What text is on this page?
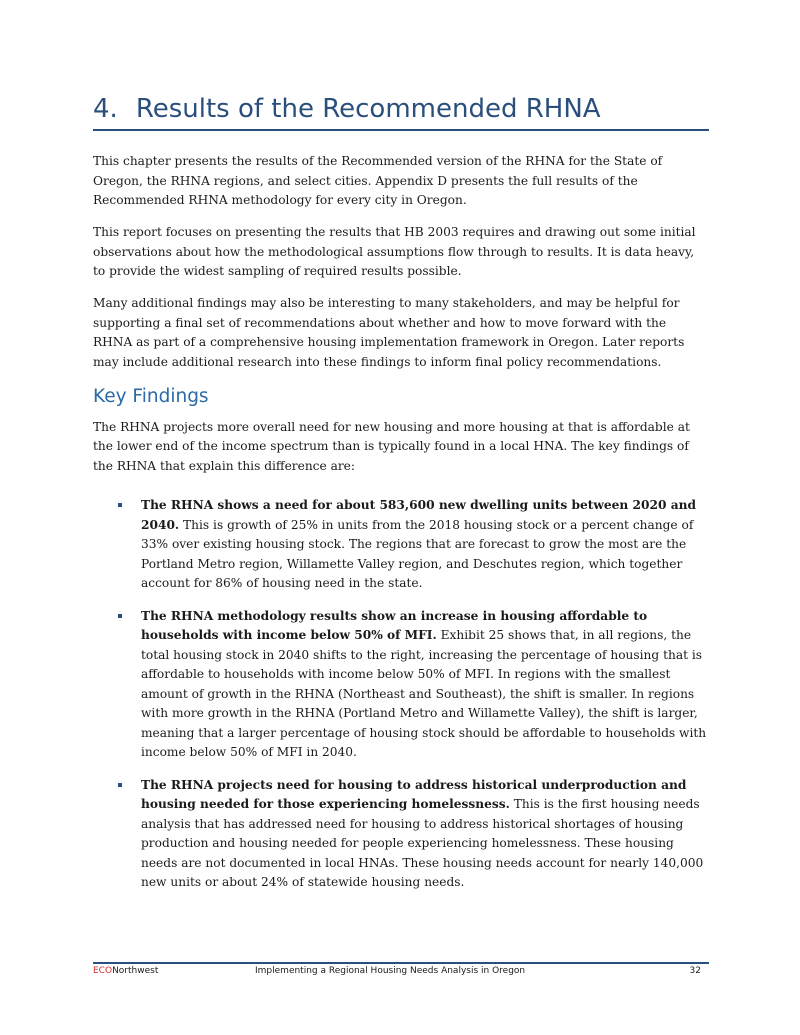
4. Results of the Recommended RHNA

This chapter presents the results of the Recommended version of the RHNA for the State of Oregon, the RHNA regions, and select cities. Appendix D presents the full results of the Recommended RHNA methodology for every city in Oregon.

This report focuses on presenting the results that HB 2003 requires and drawing out some initial observations about how the methodological assumptions flow through to results. It is data heavy, to provide the widest sampling of required results possible.

Many additional findings may also be interesting to many stakeholders, and may be helpful for supporting a final set of recommendations about whether and how to move forward with the RHNA as part of a comprehensive housing implementation framework in Oregon. Later reports may include additional research into these findings to inform final policy recommendations.

Key Findings

The RHNA projects more overall need for new housing and more housing at that is affordable at the lower end of the income spectrum than is typically found in a local HNA. The key findings of the RHNA that explain this difference are:

The RHNA shows a need for about 583,600 new dwelling units between 2020 and 2040. This is growth of 25% in units from the 2018 housing stock or a percent change of 33% over existing housing stock. The regions that are forecast to grow the most are the Portland Metro region, Willamette Valley region, and Deschutes region, which together account for 86% of housing need in the state.
The RHNA methodology results show an increase in housing affordable to households with income below 50% of MFI. Exhibit 25 shows that, in all regions, the total housing stock in 2040 shifts to the right, increasing the percentage of housing that is affordable to households with income below 50% of MFI. In regions with the smallest amount of growth in the RHNA (Northeast and Southeast), the shift is smaller. In regions with more growth in the RHNA (Portland Metro and Willamette Valley), the shift is larger, meaning that a larger percentage of housing stock should be affordable to households with income below 50% of MFI in 2040.
The RHNA projects need for housing to address historical underproduction and housing needed for those experiencing homelessness. This is the first housing needs analysis that has addressed need for housing to address historical shortages of housing production and housing needed for people experiencing homelessness. These housing needs are not documented in local HNAs. These housing needs account for nearly 140,000 new units or about 24% of statewide housing needs.
ECONorthwest	Implementing a Regional Housing Needs Analysis in Oregon	32
